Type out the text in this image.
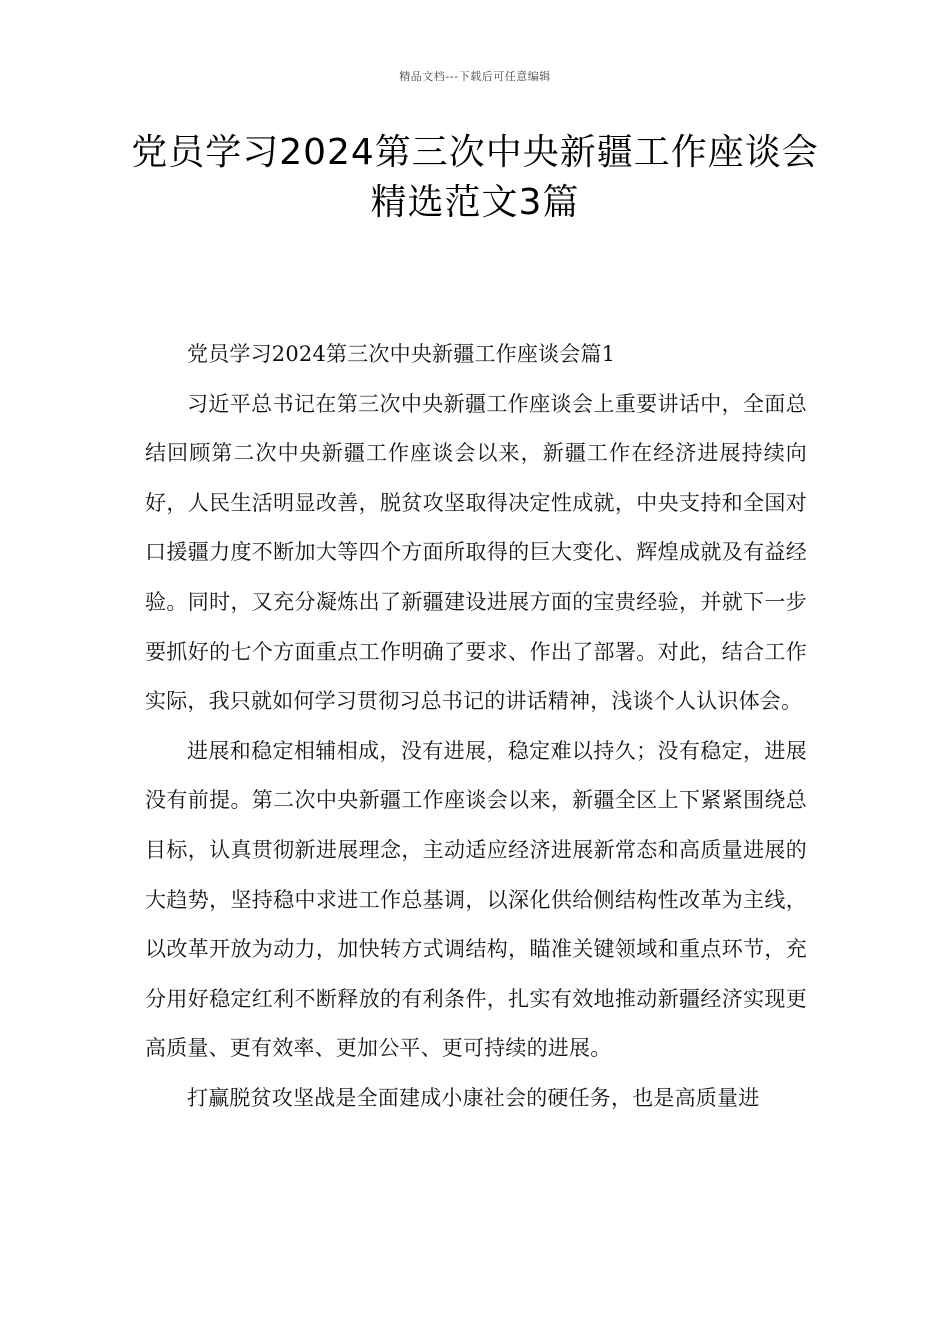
精品文档---下载后可任意编辑
党员学习2024第三次中央新疆工作座谈会精选范文3篇

党员学习2024第三次中央新疆工作座谈会篇1

习近平总书记在第三次中央新疆工作座谈会上重要讲话中，全面总结回顾第二次中央新疆工作座谈会以来，新疆工作在经济进展持续向好，人民生活明显改善，脱贫攻坚取得决定性成就，中央支持和全国对口援疆力度不断加大等四个方面所取得的巨大变化、辉煌成就及有益经验。同时，又充分凝炼出了新疆建设进展方面的宝贵经验，并就下一步要抓好的七个方面重点工作明确了要求、作出了部署。对此，结合工作实际，我只就如何学习贯彻习总书记的讲话精神，浅谈个人认识体会。

进展和稳定相辅相成，没有进展，稳定难以持久；没有稳定，进展没有前提。第二次中央新疆工作座谈会以来，新疆全区上下紧紧围绕总目标，认真贯彻新进展理念，主动适应经济进展新常态和高质量进展的大趋势，坚持稳中求进工作总基调，以深化供给侧结构性改革为主线，以改革开放为动力，加快转方式调结构，瞄准关键领域和重点环节，充分用好稳定红利不断释放的有利条件，扎实有效地推动新疆经济实现更高质量、更有效率、更加公平、更可持续的进展。

打赢脱贫攻坚战是全面建成小康社会的硬任务，也是高质量进
